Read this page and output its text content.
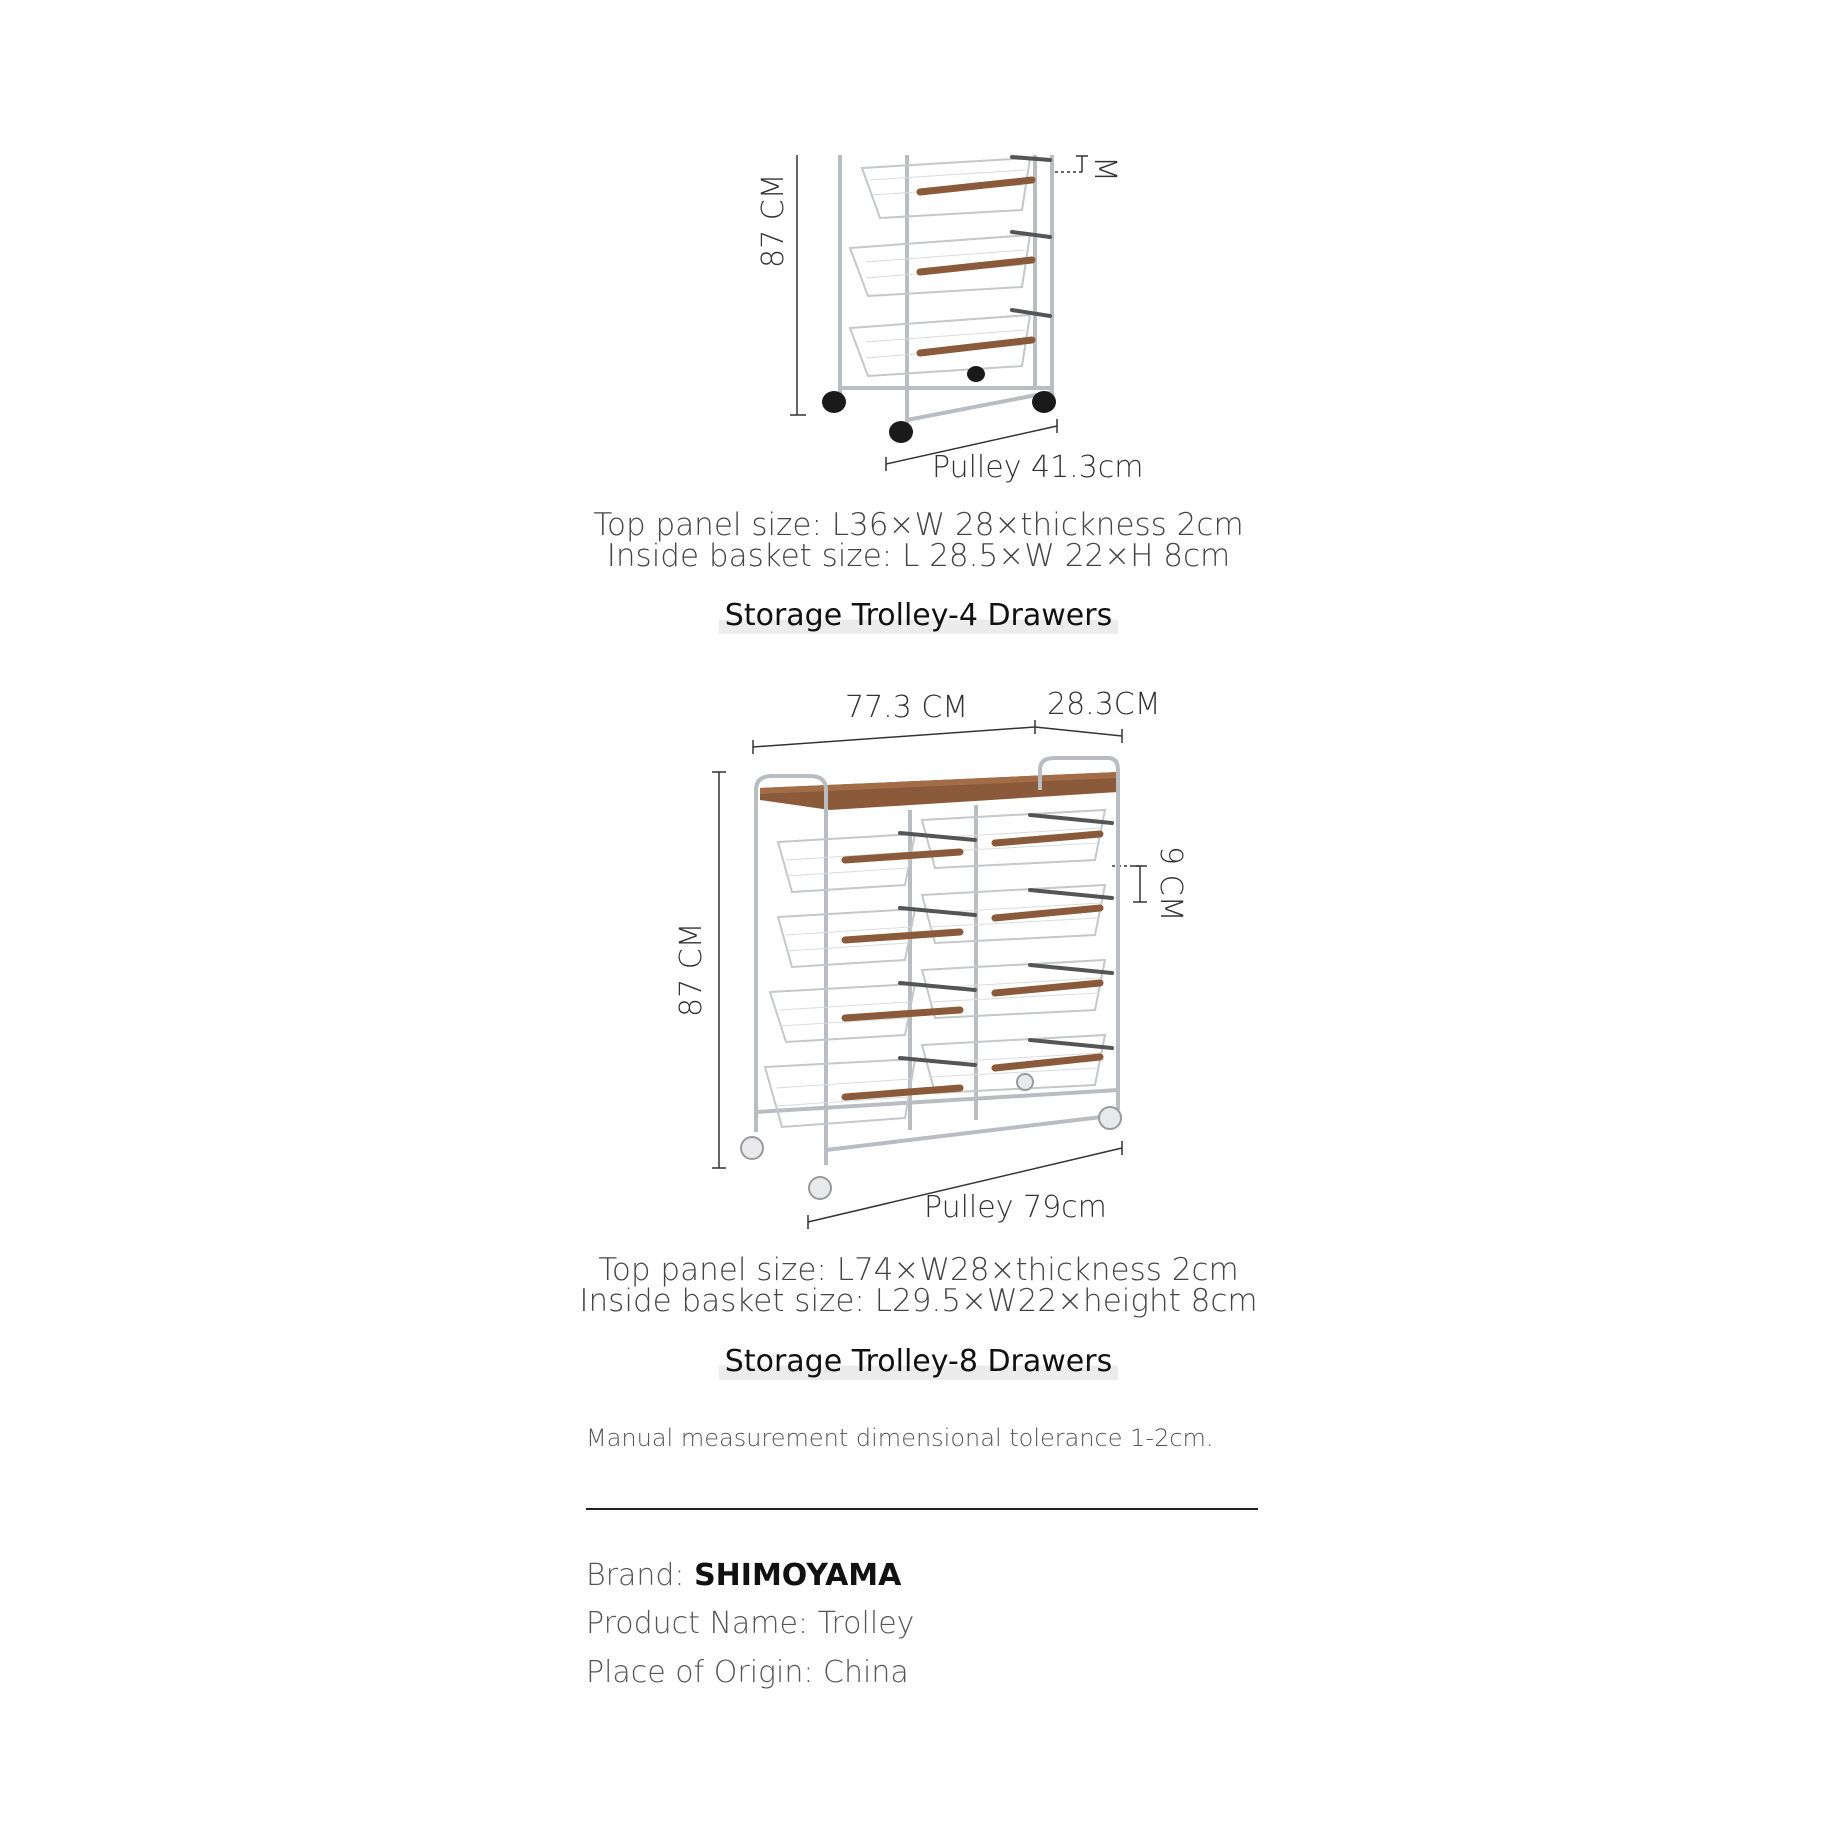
87 CM
M
Pulley 41.3cm
Top panel size: L36×W 28×thickness 2cm
Inside basket size: L 28.5×W 22×H 8cm
Storage Trolley-4 Drawers
77.3 CM	28.3CM
87 CM
9 CM
Pulley 79cm
Top panel size: L74×W28×thickness 2cm
Inside basket size: L29.5×W22×height 8cm
Storage Trolley-8 Drawers
Manual measurement dimensional tolerance 1-2cm.
Brand: SHIMOYAMA
Product Name: Trolley
Place of Origin: China
